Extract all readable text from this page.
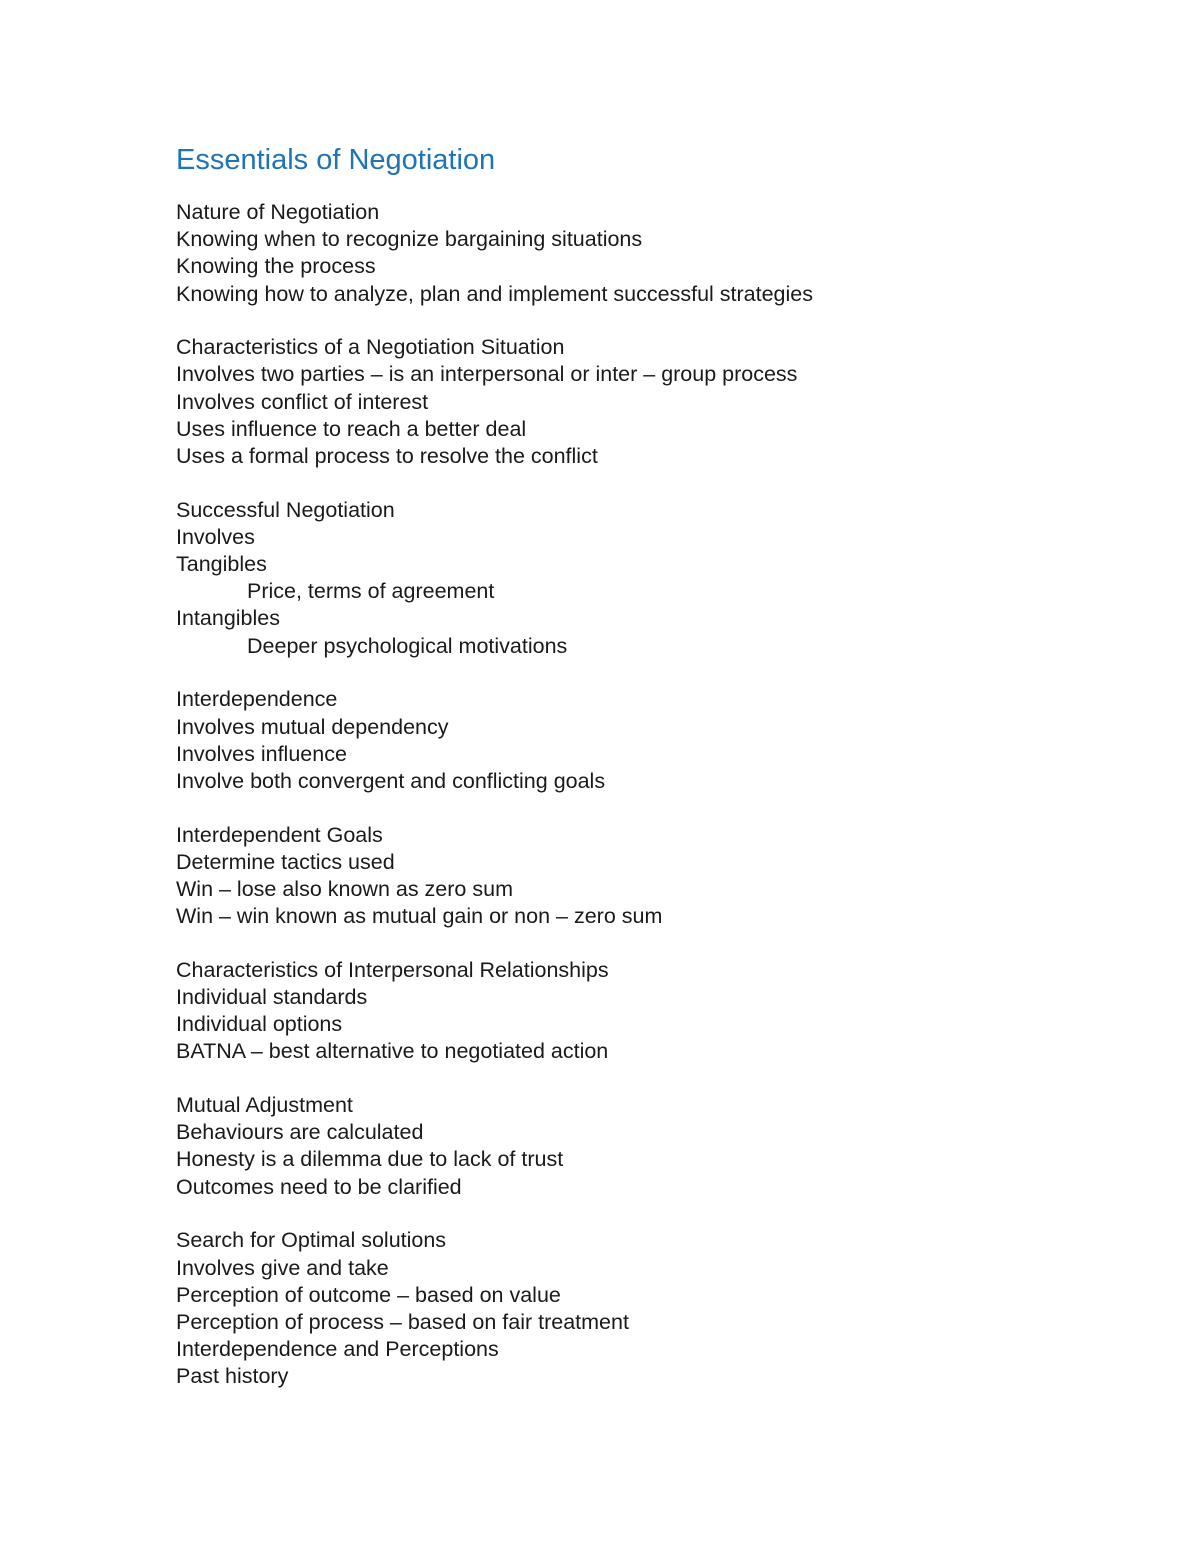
Essentials of Negotiation
Nature of Negotiation
Knowing when to recognize bargaining situations
Knowing the process
Knowing how to analyze, plan and implement successful strategies
Characteristics of a Negotiation Situation
Involves two parties – is an interpersonal or inter – group process
Involves conflict of interest
Uses influence to reach a better deal
Uses a formal process to resolve the conflict
Successful Negotiation
Involves
Tangibles
Price, terms of agreement
Intangibles
Deeper psychological motivations
Interdependence
Involves mutual dependency
Involves influence
Involve both convergent and conflicting goals
Interdependent Goals
Determine tactics used
Win – lose also known as zero sum
Win – win known as mutual gain or non – zero sum
Characteristics of Interpersonal Relationships
Individual standards
Individual options
BATNA – best alternative to negotiated action
Mutual Adjustment
Behaviours are calculated
Honesty is a dilemma due to lack of trust
Outcomes need to be clarified
Search for Optimal solutions
Involves give and take
Perception of outcome – based on value
Perception of process – based on fair treatment
Interdependence and Perceptions
Past history
